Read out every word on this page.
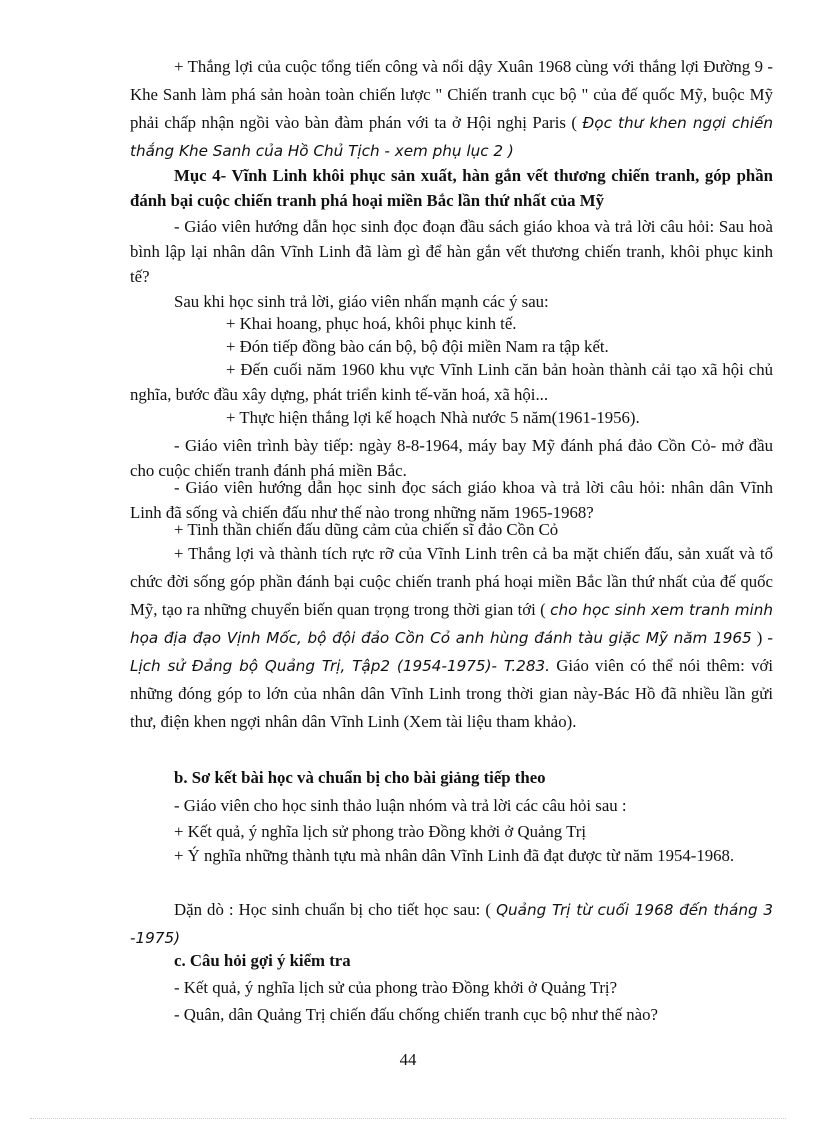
+ Thắng lợi của cuộc tổng tiến công và nổi dậy Xuân 1968 cùng với thắng lợi Đường 9 - Khe Sanh làm phá sản hoàn toàn chiến lược " Chiến tranh cục bộ " của đế quốc Mỹ, buộc Mỹ phải chấp nhận ngồi vào bàn đàm phán với ta ở Hội nghị Paris ( Đọc thư khen ngợi chiến thắng Khe Sanh của Hồ Chủ Tịch - xem phụ lục 2 )

Mục 4- Vĩnh Linh khôi phục sản xuất, hàn gắn vết thương chiến tranh, góp phần đánh bại cuộc chiến tranh phá hoại miền Bắc lần thứ nhất của Mỹ

- Giáo viên hướng dẫn học sinh đọc đoạn đầu sách giáo khoa và trả lời câu hỏi: Sau hoà bình lập lại nhân dân Vĩnh Linh đã làm gì để hàn gắn vết thương chiến tranh, khôi phục kinh tế?

Sau khi học sinh trả lời, giáo viên nhấn mạnh các ý sau:

+ Khai hoang, phục hoá, khôi phục kinh tế.

+ Đón tiếp đồng bào cán bộ, bộ đội miền Nam ra tập kết.

+ Đến cuối năm 1960 khu vực Vĩnh Linh căn bản hoàn thành cải tạo xã hội chủ nghĩa, bước đầu xây dựng, phát triển kinh tế-văn hoá, xã hội...

+ Thực hiện thắng lợi kế hoạch Nhà nước 5 năm(1961-1956).

- Giáo viên trình bày tiếp: ngày 8-8-1964, máy bay Mỹ đánh phá đảo Cồn Cỏ- mở đầu cho cuộc chiến tranh đánh phá miền Bắc.

- Giáo viên hướng dẫn học sinh đọc sách giáo khoa và trả lời câu hỏi: nhân dân Vĩnh Linh đã sống và chiến đấu như thế nào trong những năm 1965-1968?

+ Tinh thần chiến đấu dũng cảm của chiến sĩ đảo Cồn Cỏ

+ Thắng lợi và thành tích rực rỡ của Vĩnh Linh trên cả ba mặt chiến đấu, sản xuất và tổ chức đời sống góp phần đánh bại cuộc chiến tranh phá hoại miền Bắc lần thứ nhất của đế quốc Mỹ, tạo ra những chuyển biến quan trọng trong thời gian tới ( cho học sinh xem tranh minh họa địa đạo Vịnh Mốc, bộ đội đảo Cồn Cỏ anh hùng đánh tàu giặc Mỹ năm 1965 ) - Lịch sử Đảng bộ Quảng Trị, Tập2 (1954-1975)- T.283. Giáo viên có thể nói thêm: với những đóng góp to lớn của nhân dân Vĩnh Linh trong thời gian này-Bác Hồ đã nhiều lần gửi thư, điện khen ngợi nhân dân Vĩnh Linh (Xem tài liệu tham khảo).

b. Sơ kết bài học và chuẩn bị cho bài giảng tiếp theo

- Giáo viên cho học sinh thảo luận nhóm và trả lời các câu hỏi sau :

+ Kết quả, ý nghĩa lịch sử phong trào Đồng khởi ở Quảng Trị

+ Ý nghĩa những thành tựu mà nhân dân Vĩnh Linh đã đạt được từ năm 1954-1968.

Dặn dò : Học sinh chuẩn bị cho tiết học sau: ( Quảng Trị từ cuối 1968 đến tháng 3 -1975)

c. Câu hỏi gợi ý kiểm tra

- Kết quả, ý nghĩa lịch sử của phong trào Đồng khởi ở Quảng Trị?

- Quân, dân Quảng Trị chiến đấu chống chiến tranh cục bộ như thế nào?

44
